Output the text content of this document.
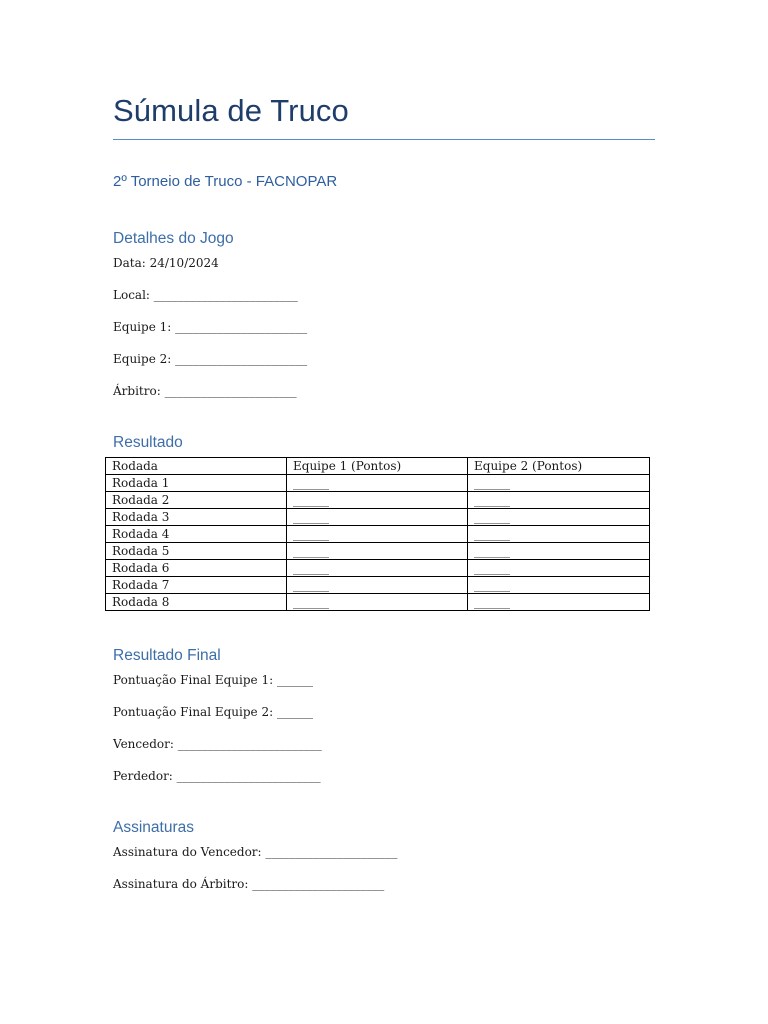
Súmula de Truco
2º Torneio de Truco - FACNOPAR
Detalhes do Jogo
Data: 24/10/2024
Local: ________________________
Equipe 1: ______________________
Equipe 2: ______________________
Árbitro: ______________________
Resultado
Rodada	Equipe 1 (Pontos)	Equipe 2 (Pontos)
Rodada 1	______	______
Rodada 2	______	______
Rodada 3	______	______
Rodada 4	______	______
Rodada 5	______	______
Rodada 6	______	______
Rodada 7	______	______
Rodada 8	______	______
Resultado Final
Pontuação Final Equipe 1: ______
Pontuação Final Equipe 2: ______
Vencedor: ________________________
Perdedor: ________________________
Assinaturas
Assinatura do Vencedor: ______________________
Assinatura do Árbitro: ______________________
